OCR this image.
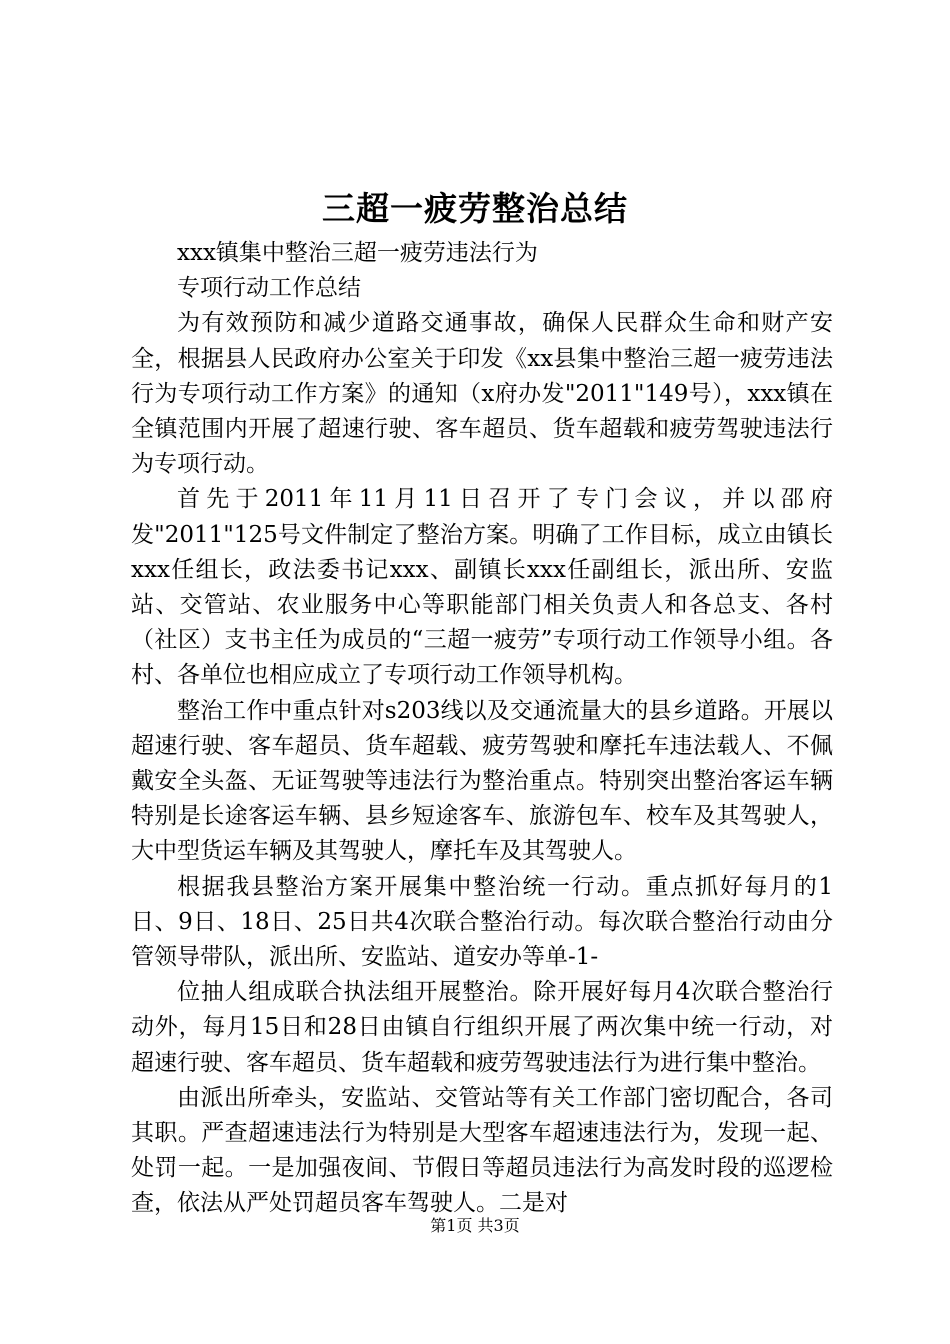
三超一疲劳整治总结

xxx镇集中整治三超一疲劳违法行为

专项行动工作总结

为有效预防和减少道路交通事故，确保人民群众生命和财产安全，根据县人民政府办公室关于印发《xx县集中整治三超一疲劳违法行为专项行动工作方案》的通知（x府办发"2011"149号），xxx镇在全镇范围内开展了超速行驶、客车超员、货车超载和疲劳驾驶违法行为专项行动。

首先于2011年11月11日召开了专门会议，并以邵府发"2011"125号文件制定了整治方案。明确了工作目标，成立由镇长xxx任组长，政法委书记xxx、副镇长xxx任副组长，派出所、安监站、交管站、农业服务中心等职能部门相关负责人和各总支、各村（社区）支书主任为成员的“三超一疲劳”专项行动工作领导小组。各村、各单位也相应成立了专项行动工作领导机构。

整治工作中重点针对s203线以及交通流量大的县乡道路。开展以超速行驶、客车超员、货车超载、疲劳驾驶和摩托车违法载人、不佩戴安全头盔、无证驾驶等违法行为整治重点。特别突出整治客运车辆特别是长途客运车辆、县乡短途客车、旅游包车、校车及其驾驶人，大中型货运车辆及其驾驶人，摩托车及其驾驶人。

根据我县整治方案开展集中整治统一行动。重点抓好每月的1日、9日、18日、25日共4次联合整治行动。每次联合整治行动由分管领导带队，派出所、安监站、道安办等单-1-

位抽人组成联合执法组开展整治。除开展好每月4次联合整治行动外，每月15日和28日由镇自行组织开展了两次集中统一行动，对超速行驶、客车超员、货车超载和疲劳驾驶违法行为进行集中整治。

由派出所牵头，安监站、交管站等有关工作部门密切配合，各司其职。严查超速违法行为特别是大型客车超速违法行为，发现一起、处罚一起。一是加强夜间、节假日等超员违法行为高发时段的巡逻检查，依法从严处罚超员客车驾驶人。二是对

第1页 共3页
